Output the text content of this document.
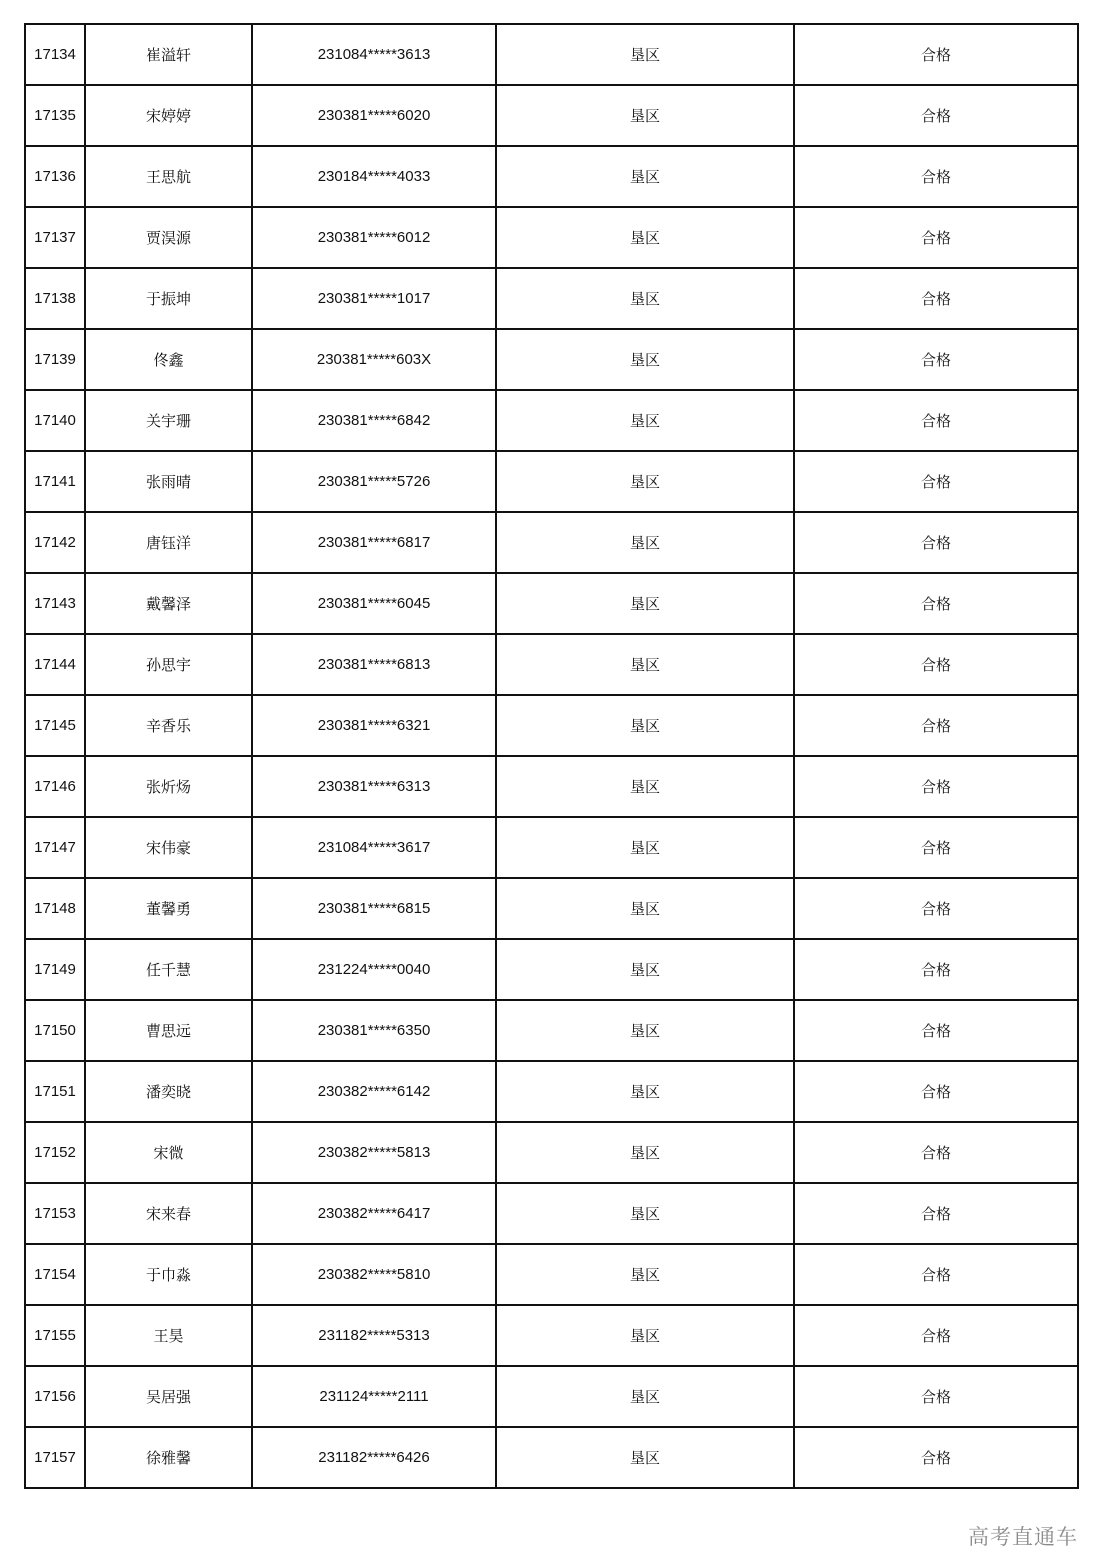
17134	崔溢轩	231084*****3613	垦区	合格
17135	宋婷婷	230381*****6020	垦区	合格
17136	王思航	230184*****4033	垦区	合格
17137	贾淏源	230381*****6012	垦区	合格
17138	于振坤	230381*****1017	垦区	合格
17139	佟鑫	230381*****603X	垦区	合格
17140	关宇珊	230381*****6842	垦区	合格
17141	张雨晴	230381*****5726	垦区	合格
17142	唐钰洋	230381*****6817	垦区	合格
17143	戴馨泽	230381*****6045	垦区	合格
17144	孙思宇	230381*****6813	垦区	合格
17145	辛香乐	230381*****6321	垦区	合格
17146	张炘炀	230381*****6313	垦区	合格
17147	宋伟豪	231084*****3617	垦区	合格
17148	董馨勇	230381*****6815	垦区	合格
17149	任千慧	231224*****0040	垦区	合格
17150	曹思远	230381*****6350	垦区	合格
17151	潘奕晓	230382*****6142	垦区	合格
17152	宋微	230382*****5813	垦区	合格
17153	宋来春	230382*****6417	垦区	合格
17154	于巾淼	230382*****5810	垦区	合格
17155	王昊	231182*****5313	垦区	合格
17156	吴居强	231124*****2111	垦区	合格
17157	徐雅馨	231182*****6426	垦区	合格
高考直通车
